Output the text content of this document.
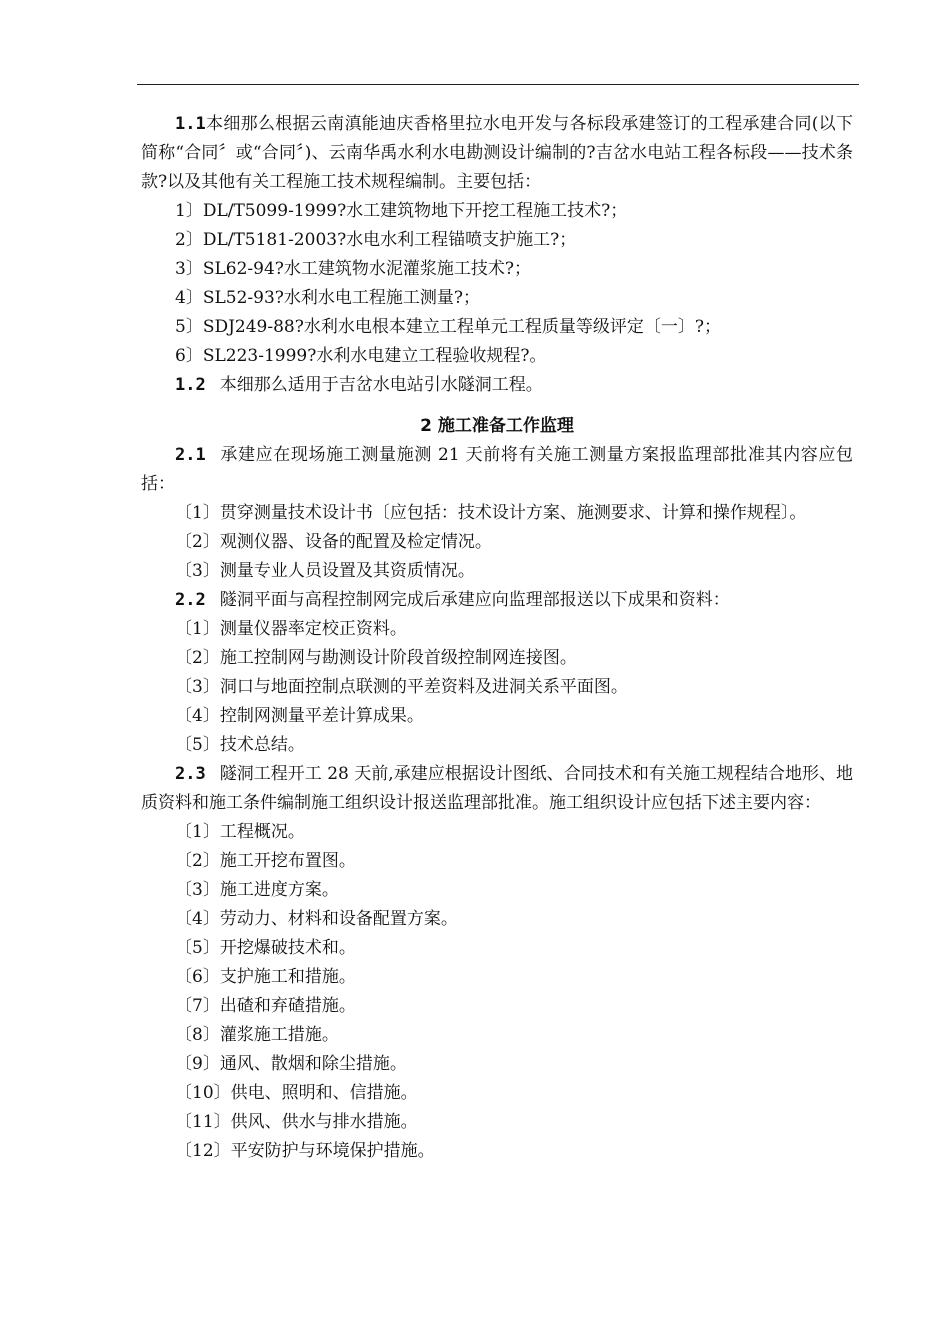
1.1本细那么根据云南滇能迪庆香格里拉水电开发与各标段承建签订的工程承建合同(以下简称“合同〞或“合同〞)、云南华禹水利水电勘测设计编制的?吉岔水电站工程各标段——技术条款?以及其他有关工程施工技术规程编制。主要包括：

1〕DL/T5099-1999?水工建筑物地下开挖工程施工技术?；

2〕DL/T5181-2003?水电水利工程锚喷支护施工?；

3〕SL62-94?水工建筑物水泥灌浆施工技术?；

4〕SL52-93?水利水电工程施工测量?；

5〕SDJ249-88?水利水电根本建立工程单元工程质量等级评定〔一〕?；

6〕SL223-1999?水利水电建立工程验收规程?。

1.2 本细那么适用于吉岔水电站引水隧洞工程。

2 施工准备工作监理

2.1 承建应在现场施工测量施测 21 天前将有关施工测量方案报监理部批准其内容应包括：

〔1〕贯穿测量技术设计书〔应包括：技术设计方案、施测要求、计算和操作规程〕。

〔2〕观测仪器、设备的配置及检定情况。

〔3〕测量专业人员设置及其资质情况。

2.2 隧洞平面与高程控制网完成后承建应向监理部报送以下成果和资料：

〔1〕测量仪器率定校正资料。

〔2〕施工控制网与勘测设计阶段首级控制网连接图。

〔3〕洞口与地面控制点联测的平差资料及进洞关系平面图。

〔4〕控制网测量平差计算成果。

〔5〕技术总结。

2.3 隧洞工程开工 28 天前,承建应根据设计图纸、合同技术和有关施工规程结合地形、地质资料和施工条件编制施工组织设计报送监理部批准。施工组织设计应包括下述主要内容：

〔1〕工程概况。

〔2〕施工开挖布置图。

〔3〕施工进度方案。

〔4〕劳动力、材料和设备配置方案。

〔5〕开挖爆破技术和。

〔6〕支护施工和措施。

〔7〕出碴和弃碴措施。

〔8〕灌浆施工措施。

〔9〕通风、散烟和除尘措施。

〔10〕供电、照明和、信措施。

〔11〕供风、供水与排水措施。

〔12〕平安防护与环境保护措施。
